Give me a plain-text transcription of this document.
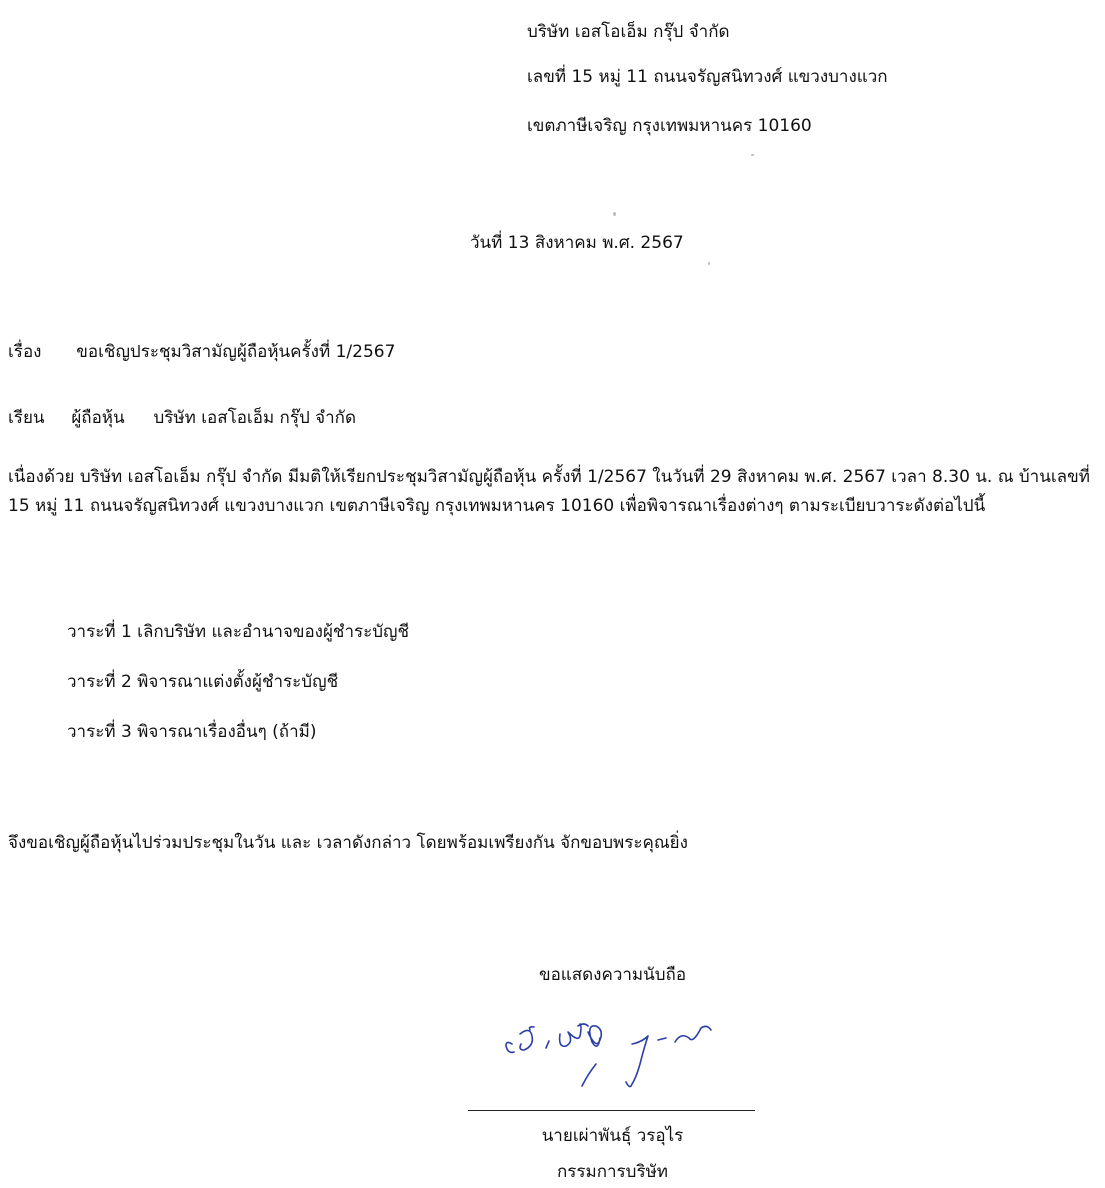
บริษัท เอสโอเอ็ม กรุ๊ป จำกัด
เลขที่ 15 หมู่ 11 ถนนจรัญสนิทวงศ์ แขวงบางแวก
เขตภาษีเจริญ กรุงเทพมหานคร 10160
วันที่ 13 สิงหาคม พ.ศ. 2567
เรื่อง ขอเชิญประชุมวิสามัญผู้ถือหุ้นครั้งที่ 1/2567
เรียน ผู้ถือหุ้น บริษัท เอสโอเอ็ม กรุ๊ป จำกัด
เนื่องด้วย บริษัท เอสโอเอ็ม กรุ๊ป จำกัด มีมติให้เรียกประชุมวิสามัญผู้ถือหุ้น ครั้งที่ 1/2567 ในวันที่ 29 สิงหาคม พ.ศ. 2567 เวลา 8.30 น. ณ บ้านเลขที่ 15 หมู่ 11 ถนนจรัญสนิทวงศ์ แขวงบางแวก เขตภาษีเจริญ กรุงเทพมหานคร 10160 เพื่อพิจารณาเรื่องต่างๆ ตามระเบียบวาระดังต่อไปนี้
วาระที่ 1 เลิกบริษัท และอำนาจของผู้ชำระบัญชี
วาระที่ 2 พิจารณาแต่งตั้งผู้ชำระบัญชี
วาระที่ 3 พิจารณาเรื่องอื่นๆ (ถ้ามี)
จึงขอเชิญผู้ถือหุ้นไปร่วมประชุมในวัน และ เวลาดังกล่าว โดยพร้อมเพรียงกัน จักขอบพระคุณยิ่ง
ขอแสดงความนับถือ
นายเผ่าพันธุ์ วรอุไร
กรรมการบริษัท
